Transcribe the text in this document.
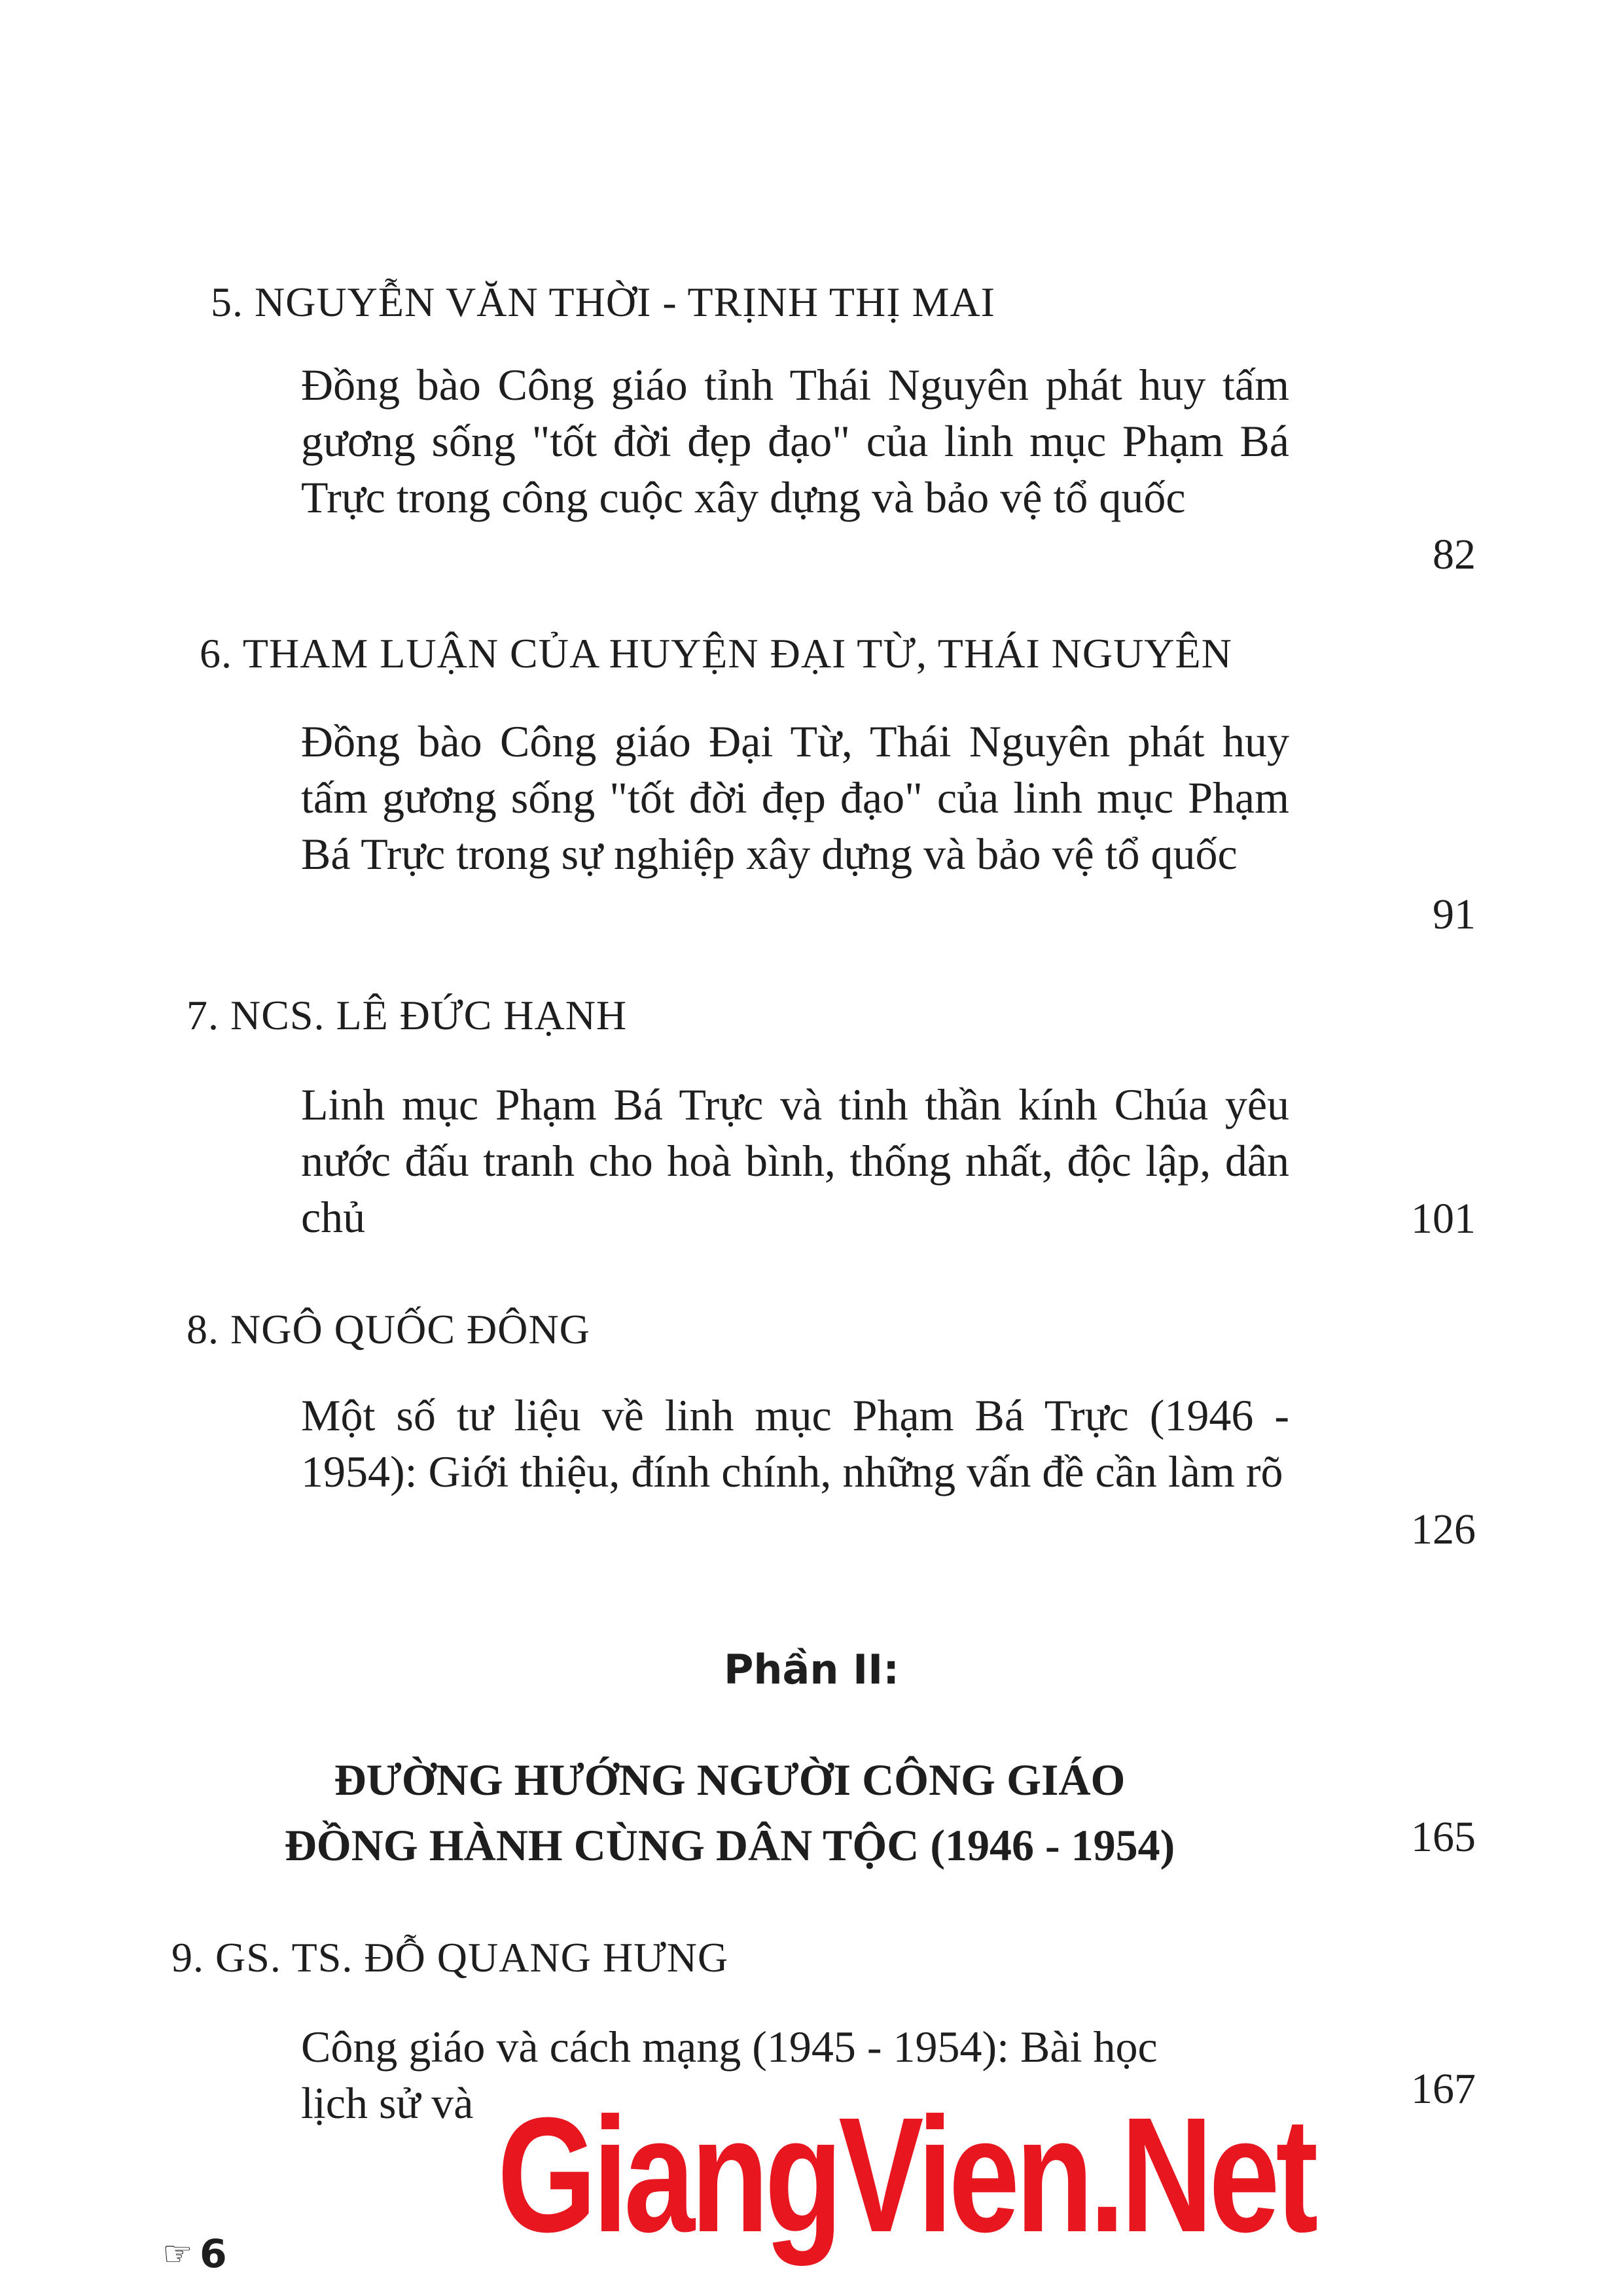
5. NGUYỄN VĂN THỜI - TRỊNH THỊ MAI

Đồng bào Công giáo tỉnh Thái Nguyên phát huy tấm gương sống "tốt đời đẹp đạo" của linh mục Phạm Bá Trực trong công cuộc xây dựng và bảo vệ tổ quốc

82
6. THAM LUẬN CỦA HUYỆN ĐẠI TỪ, THÁI NGUYÊN

Đồng bào Công giáo Đại Từ, Thái Nguyên phát huy tấm gương sống "tốt đời đẹp đạo" của linh mục Phạm Bá Trực trong sự nghiệp xây dựng và bảo vệ tổ quốc

91
7. NCS. LÊ ĐỨC HẠNH

Linh mục Phạm Bá Trực và tinh thần kính Chúa yêu nước đấu tranh cho hoà bình, thống nhất, độc lập, dân chủ	101
8. NGÔ QUỐC ĐÔNG

Một số tư liệu về linh mục Phạm Bá Trực (1946 - 1954): Giới thiệu, đính chính, những vấn đề cần làm rõ

126
Phần II:
ĐƯỜNG HƯỚNG NGƯỜI CÔNG GIÁO
ĐỒNG HÀNH CÙNG DÂN TỘC (1946 - 1954)	165
9. GS. TS. ĐỖ QUANG HƯNG

Công giáo và cách mạng (1945 - 1954): Bài học
lịch sử và	167
☞ 6 GiangVien.Net
